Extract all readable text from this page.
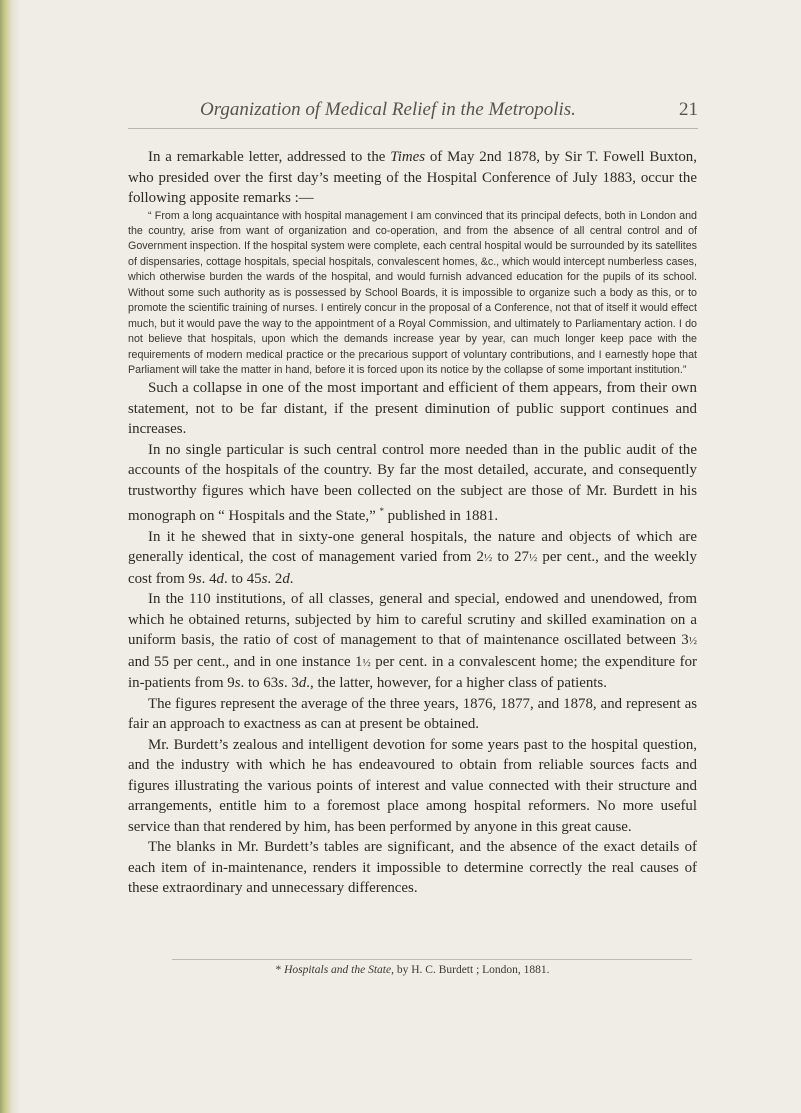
Organization of Medical Relief in the Metropolis.	21

In a remarkable letter, addressed to the Times of May 2nd 1878, by Sir T. Fowell Buxton, who presided over the first day’s meeting of the Hospital Conference of July 1883, occur the following apposite remarks :—

“ From a long acquaintance with hospital management I am convinced that its principal defects, both in London and the country, arise from want of organization and co-operation, and from the absence of all central control and of Government inspection. If the hospital system were complete, each central hospital would be surrounded by its satellites of dispensaries, cottage hospitals, special hospitals, convalescent homes, &c., which would intercept numberless cases, which otherwise burden the wards of the hospital, and would furnish advanced education for the pupils of its school. Without some such authority as is possessed by School Boards, it is impossible to organize such a body as this, or to promote the scientific training of nurses. I entirely concur in the proposal of a Conference, not that of itself it would effect much, but it would pave the way to the appointment of a Royal Commission, and ultimately to Parliamentary action. I do not believe that hospitals, upon which the demands increase year by year, can much longer keep pace with the requirements of modern medical practice or the precarious support of voluntary contributions, and I earnestly hope that Parliament will take the matter in hand, before it is forced upon its notice by the collapse of some important institution.”

Such a collapse in one of the most important and efficient of them appears, from their own statement, not to be far distant, if the present diminution of public support continues and increases.

In no single particular is such central control more needed than in the public audit of the accounts of the hospitals of the country. By far the most detailed, accurate, and consequently trustworthy figures which have been collected on the subject are those of Mr. Burdett in his monograph on “ Hospitals and the State,” * published in 1881.

In it he shewed that in sixty-one general hospitals, the nature and objects of which are generally identical, the cost of management varied from 2½ to 27½ per cent., and the weekly cost from 9s. 4d. to 45s. 2d.

In the 110 institutions, of all classes, general and special, endowed and unendowed, from which he obtained returns, subjected by him to careful scrutiny and skilled examination on a uniform basis, the ratio of cost of management to that of maintenance oscillated between 3½ and 55 per cent., and in one instance 1½ per cent. in a convalescent home; the expenditure for in-patients from 9s. to 63s. 3d., the latter, however, for a higher class of patients.

The figures represent the average of the three years, 1876, 1877, and 1878, and represent as fair an approach to exactness as can at present be obtained.

Mr. Burdett’s zealous and intelligent devotion for some years past to the hospital question, and the industry with which he has endeavoured to obtain from reliable sources facts and figures illustrating the various points of interest and value connected with their structure and arrangements, entitle him to a foremost place among hospital reformers. No more useful service than that rendered by him, has been performed by anyone in this great cause.

The blanks in Mr. Burdett’s tables are significant, and the absence of the exact details of each item of in-maintenance, renders it impossible to determine correctly the real causes of these extraordinary and unnecessary differences.

* Hospitals and the State, by H. C. Burdett ; London, 1881.
